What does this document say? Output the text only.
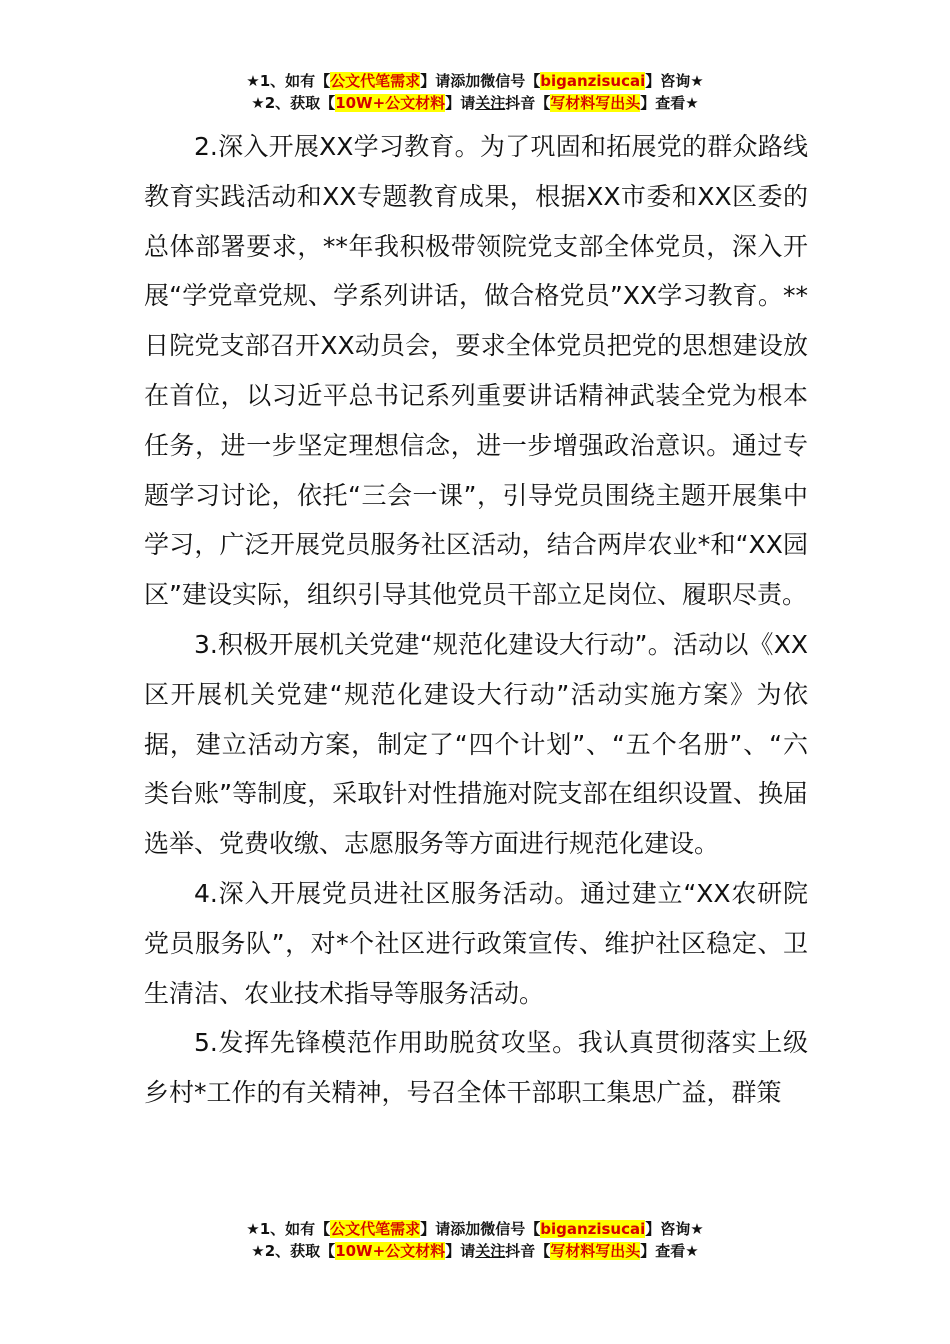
★1、如有【公文代笔需求】请添加微信号【biganzisucai】咨询★
★2、获取【10W+公文材料】请关注抖音【写材料写出头】查看★

2.深入开展XX学习教育。为了巩固和拓展党的群众路线教育实践活动和XX专题教育成果，根据XX市委和XX区委的总体部署要求，**年我积极带领院党支部全体党员，深入开展“学党章党规、学系列讲话，做合格党员”XX学习教育。**日院党支部召开XX动员会，要求全体党员把党的思想建设放在首位，以习近平总书记系列重要讲话精神武装全党为根本任务，进一步坚定理想信念，进一步增强政治意识。通过专题学习讨论，依托“三会一课”，引导党员围绕主题开展集中学习，广泛开展党员服务社区活动，结合两岸农业*和“XX园区”建设实际，组织引导其他党员干部立足岗位、履职尽责。

3.积极开展机关党建“规范化建设大行动”。活动以《XX区开展机关党建“规范化建设大行动”活动实施方案》为依据，建立活动方案，制定了“四个计划”、“五个名册”、“六类台账”等制度，采取针对性措施对院支部在组织设置、换届选举、党费收缴、志愿服务等方面进行规范化建设。

4.深入开展党员进社区服务活动。通过建立“XX农研院党员服务队”，对*个社区进行政策宣传、维护社区稳定、卫生清洁、农业技术指导等服务活动。

5.发挥先锋模范作用助脱贫攻坚。我认真贯彻落实上级乡村*工作的有关精神，号召全体干部职工集思广益，群策

★1、如有【公文代笔需求】请添加微信号【biganzisucai】咨询★
★2、获取【10W+公文材料】请关注抖音【写材料写出头】查看★
